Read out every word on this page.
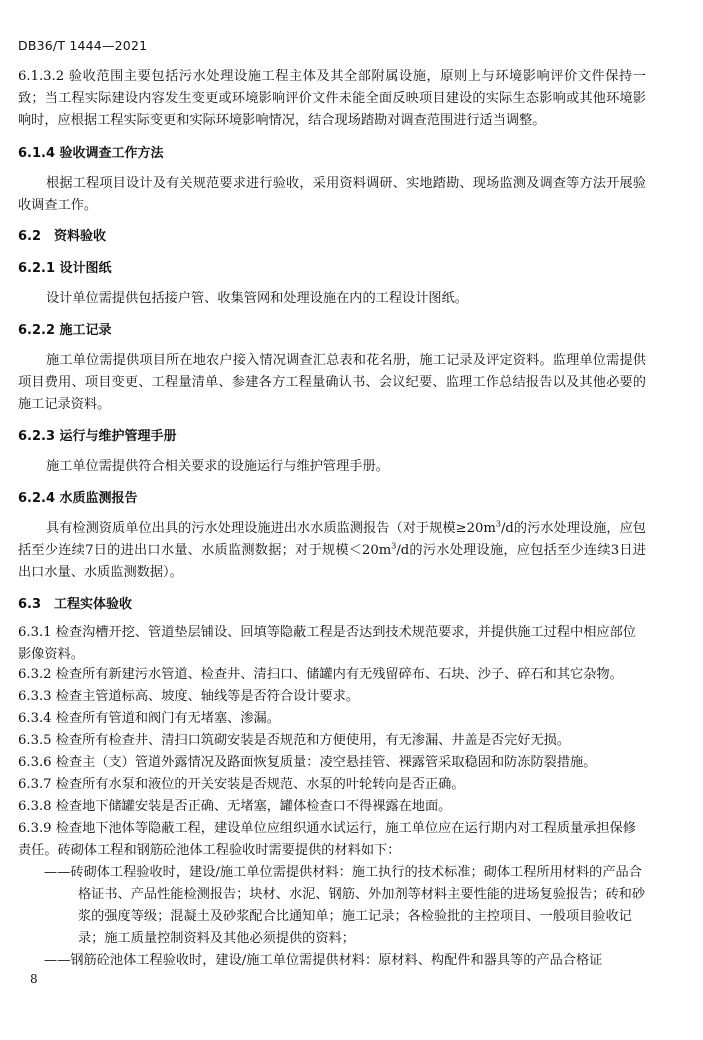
DB36/T 1444—2021
6.1.3.2 验收范围主要包括污水处理设施工程主体及其全部附属设施，原则上与环境影响评价文件保持一致；当工程实际建设内容发生变更或环境影响评价文件未能全面反映项目建设的实际生态影响或其他环境影响时，应根据工程实际变更和实际环境影响情况，结合现场踏勘对调查范围进行适当调整。
6.1.4 验收调查工作方法
根据工程项目设计及有关规范要求进行验收，采用资料调研、实地踏勘、现场监测及调查等方法开展验收调查工作。
6.2　资料验收
6.2.1 设计图纸
设计单位需提供包括接户管、收集管网和处理设施在内的工程设计图纸。
6.2.2 施工记录
施工单位需提供项目所在地农户接入情况调查汇总表和花名册，施工记录及评定资料。监理单位需提供项目费用、项目变更、工程量清单、参建各方工程量确认书、会议纪要、监理工作总结报告以及其他必要的施工记录资料。
6.2.3 运行与维护管理手册
施工单位需提供符合相关要求的设施运行与维护管理手册。
6.2.4 水质监测报告
具有检测资质单位出具的污水处理设施进出水水质监测报告（对于规模$\ge 20m^3/d$的污水处理设施，应包括至少连续7日的进出口水量、水质监测数据；对于规模$<20m^3/d$的污水处理设施，应包括至少连续3日进出口水量、水质监测数据）。
6.3　工程实体验收
6.3.1 检查沟槽开挖、管道垫层铺设、回填等隐蔽工程是否达到技术规范要求，并提供施工过程中相应部位影像资料。
6.3.2 检查所有新建污水管道、检查井、清扫口、储罐内有无残留碎布、石块、沙子、碎石和其它杂物。
6.3.3 检查主管道标高、坡度、轴线等是否符合设计要求。
6.3.4 检查所有管道和阀门有无堵塞、渗漏。
6.3.5 检查所有检查井、清扫口筑砌安装是否规范和方便使用，有无渗漏、井盖是否完好无损。
6.3.6 检查主（支）管道外露情况及路面恢复质量：凌空悬挂管、裸露管采取稳固和防冻防裂措施。
6.3.7 检查所有水泵和液位的开关安装是否规范、水泵的叶轮转向是否正确。
6.3.8 检查地下储罐安装是否正确、无堵塞，罐体检查口不得裸露在地面。
6.3.9 检查地下池体等隐蔽工程，建设单位应组织通水试运行，施工单位应在运行期内对工程质量承担保修责任。砖砌体工程和钢筋砼池体工程验收时需要提供的材料如下：
——砖砌体工程验收时，建设/施工单位需提供材料：施工执行的技术标准；砌体工程所用材料的产品合格证书、产品性能检测报告；块材、水泥、钢筋、外加剂等材料主要性能的进场复验报告；砖和砂浆的强度等级；混凝土及砂浆配合比通知单；施工记录；各检验批的主控项目、一般项目验收记录；施工质量控制资料及其他必须提供的资料；
——钢筋砼池体工程验收时，建设/施工单位需提供材料：原材料、构配件和器具等的产品合格证
8
